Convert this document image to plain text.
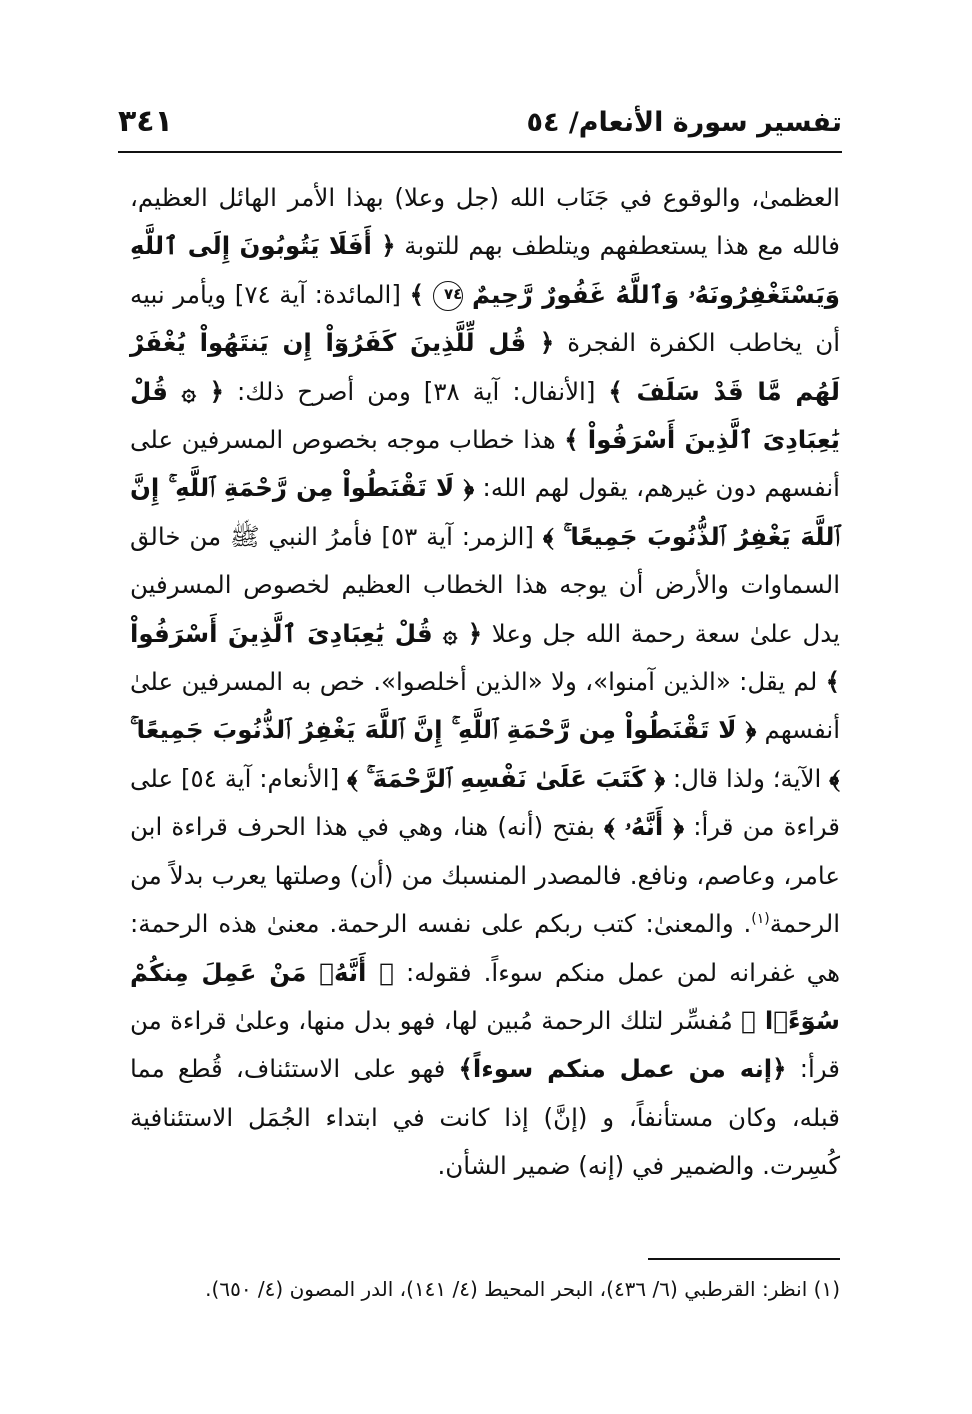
تفسير سورة الأنعام/ ٥٤
٣٤١

العظمىٰ، والوقوع في جَنَاب الله (جل وعلا) بهذا الأمر الهائل العظيم، فالله مع هذا يستعطفهم ويتلطف بهم للتوبة ﴿ أَفَلَا يَتُوبُونَ إِلَى ٱللَّهِ وَيَسْتَغْفِرُونَهُۥ وَٱللَّهُ غَفُورٌ رَّحِيمٌ ٧٤ ﴾ [المائدة: آية ٧٤] ويأمر نبيه أن يخاطب الكفرة الفجرة ﴿ قُل لِّلَّذِينَ كَفَرُوٓاْ إِن يَنتَهُواْ يُغْفَرْ لَهُم مَّا قَدْ سَلَفَ ﴾ [الأنفال: آية ٣٨] ومن أصرح ذلك: ﴿ ۞ قُلْ يَٰعِبَادِىَ ٱلَّذِينَ أَسْرَفُواْ ﴾ هذا خطاب موجه بخصوص المسرفين على أنفسهم دون غيرهم، يقول لهم الله: ﴿ لَا تَقْنَطُواْ مِن رَّحْمَةِ ٱللَّهِ ۚ إِنَّ ٱللَّهَ يَغْفِرُ ٱلذُّنُوبَ جَمِيعًا ۚ ﴾ [الزمر: آية ٥٣] فأمرُ النبي ﷺ من خالق السماوات والأرض أن يوجه هذا الخطاب العظيم لخصوص المسرفين يدل علىٰ سعة رحمة الله جل وعلا ﴿ ۞ قُلْ يَٰعِبَادِىَ ٱلَّذِينَ أَسْرَفُواْ ﴾ لم يقل: «الذين آمنوا»، ولا «الذين أخلصوا». خص به المسرفين علىٰ أنفسهم ﴿ لَا تَقْنَطُواْ مِن رَّحْمَةِ ٱللَّهِ ۚ إِنَّ ٱللَّهَ يَغْفِرُ ٱلذُّنُوبَ جَمِيعًا ۚ ﴾ الآية؛ ولذا قال: ﴿ كَتَبَ عَلَىٰ نَفْسِهِ ٱلرَّحْمَةَ ۚ ﴾ [الأنعام: آية ٥٤] على قراءة من قرأ: ﴿ أَنَّهُۥ ﴾ بفتح (أنه) هنا، وهي في هذا الحرف قراءة ابن عامر، وعاصم، ونافع. فالمصدر المنسبك من (أن) وصلتها يعرب بدلاً من الرحمة$^{(١)}$. والمعنىٰ: كتب ربكم على نفسه الرحمة. معنىٰ هذه الرحمة: هي غفرانه لمن عمل منكم سوءاً. فقوله: ﴿ أَنَّهُۥ مَنْ عَمِلَ مِنكُمْ سُوٓءًۢا ﴾ مُفسِّر لتلك الرحمة مُبين لها، فهو بدل منها، وعلىٰ قراءة من قرأ: ﴿إنه من عمل منكم سوءاً﴾ فهو على الاستئناف، قُطع مما قبله، وكان مستأنفاً، و (إنَّ) إذا كانت في ابتداء الجُمَل الاستئنافية كُسِرت. والضمير في (إنه) ضمير الشأن.

(١) انظر: القرطبي (٦/ ٤٣٦)، البحر المحيط (٤/ ١٤١)، الدر المصون (٤/ ٦٥٠).
